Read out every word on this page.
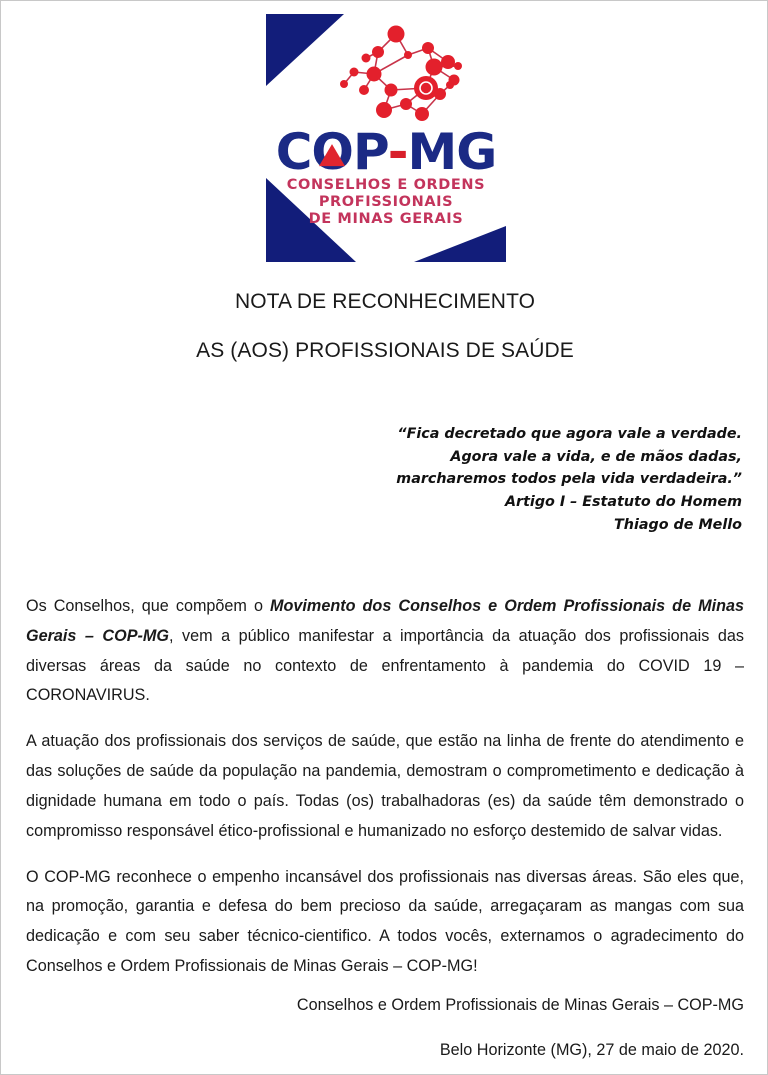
CO
P-MG
CONSELHOS E ORDENS
PROFISSIONAIS
DE MINAS GERAIS
NOTA DE RECONHECIMENTO
AS (AOS) PROFISSIONAIS DE SAÚDE
“Fica decretado que agora vale a verdade.
Agora vale a vida, e de mãos dadas,
marcharemos todos pela vida verdadeira.”
Artigo I – Estatuto do Homem
Thiago de Mello

Os Conselhos, que compõem o Movimento dos Conselhos e Ordem Profissionais de Minas Gerais – COP-MG, vem a público manifestar a importância da atuação dos profissionais das diversas áreas da saúde no contexto de enfrentamento à pandemia do COVID 19 – CORONAVIRUS.

A atuação dos profissionais dos serviços de saúde, que estão na linha de frente do atendimento e das soluções de saúde da população na pandemia, demostram o comprometimento e dedicação à dignidade humana em todo o país. Todas (os) trabalhadoras (es) da saúde têm demonstrado o compromisso responsável ético-profissional e humanizado no esforço destemido de salvar vidas.

O COP-MG reconhece o empenho incansável dos profissionais nas diversas áreas. São eles que, na promoção, garantia e defesa do bem precioso da saúde, arregaçaram as mangas com sua dedicação e com seu saber técnico-cientifico. A todos vocês, externamos o agradecimento do Conselhos e Ordem Profissionais de Minas Gerais – COP-MG!

Conselhos e Ordem Profissionais de Minas Gerais – COP-MG
Belo Horizonte (MG), 27 de maio de 2020.
